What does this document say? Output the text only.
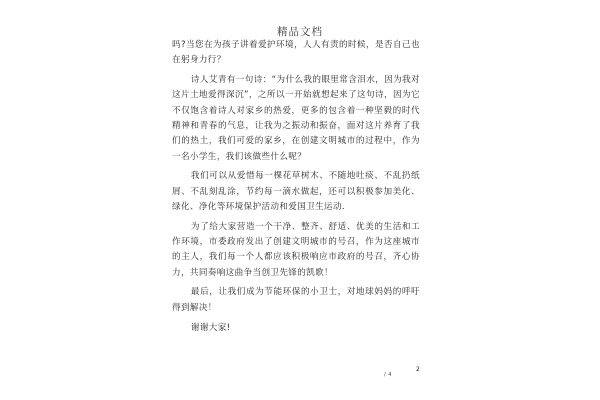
精品文档

吗?当您在为孩子讲着爱护环境，人人有责的时候，是否自己也在躬身力行？

诗人艾青有一句诗：“为什么我的眼里常含泪水，因为我对这片土地爱得深沉”，之所以一开始就想起来了这句诗，因为它不仅饱含着诗人对家乡的热爱，更多的包含着一种坚毅的时代精神和青春的气息，让我为之振动和振奋，面对这片养育了我们的热土，我们可爱的家乡，在创建文明城市的过程中，作为一名小学生，我们该做些什么呢？

我们可以从爱惜每一棵花草树木、不随地吐痰、不乱扔纸屑、不乱刻乱涂，节约每一滴水做起，还可以积极参加美化、绿化、净化等环境保护活动和爱国卫生运动．

为了给大家营造一个干净、整齐、舒适、优美的生活和工作环境，市委政府发出了创建文明城市的号召，作为这座城市的主人，我们每一个人都应该积极响应市政府的号召，齐心协力，共同奏响这曲争当创卫先锋的凯歌！

最后，让我们成为节能环保的小卫士，对地球妈妈的呼吁得到解决！

谢谢大家!

2
/ 4
